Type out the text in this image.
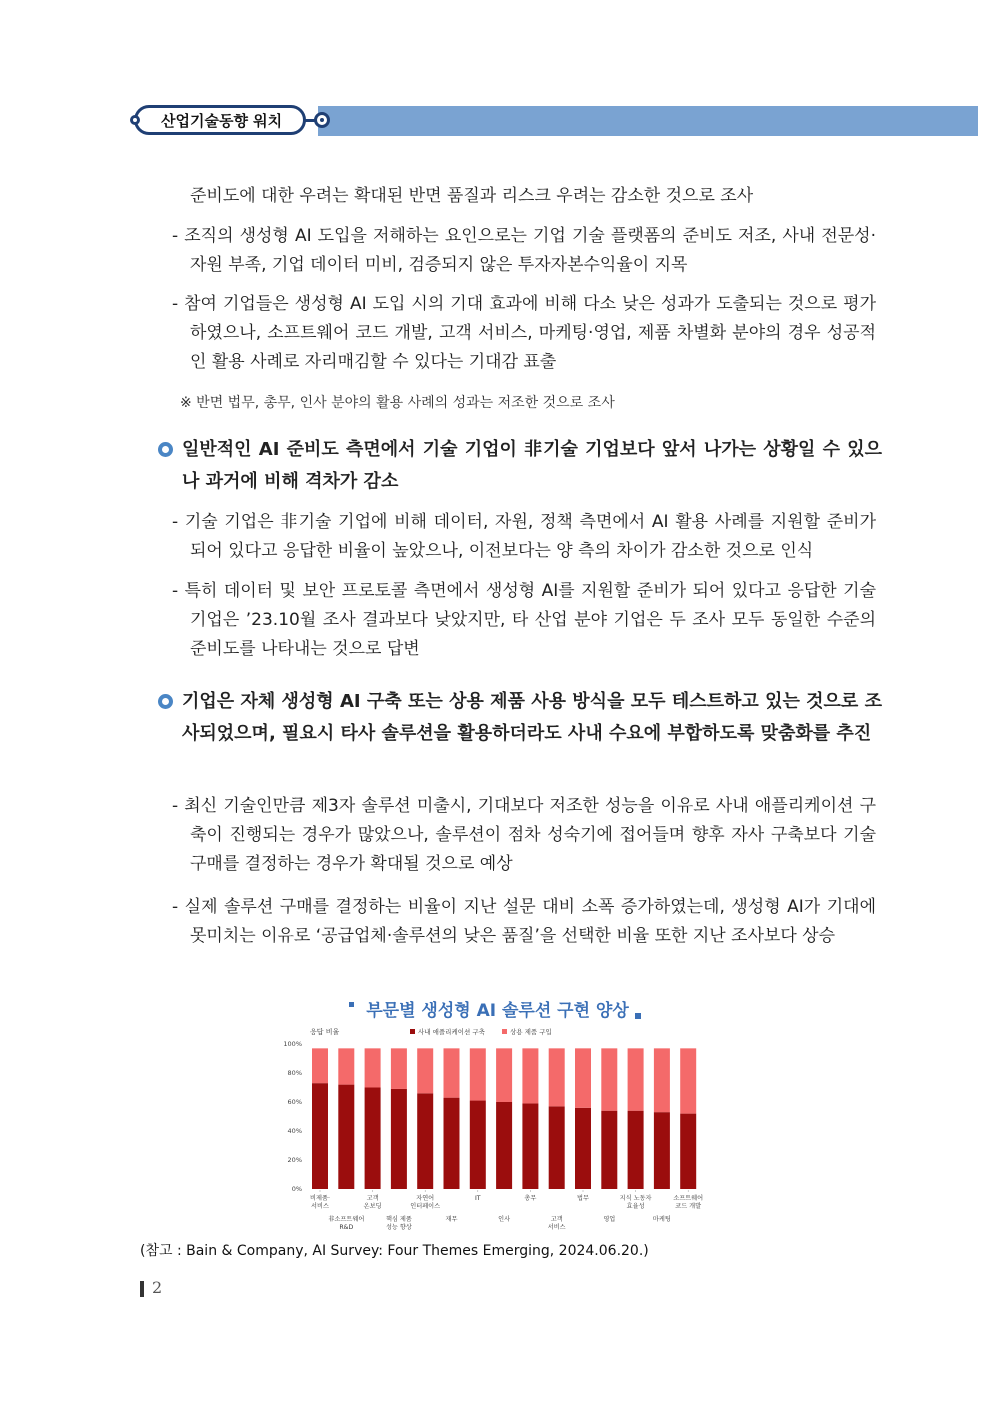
산업기술동향 워치

준비도에 대한 우려는 확대된 반면 품질과 리스크 우려는 감소한 것으로 조사

- 조직의 생성형 AI 도입을 저해하는 요인으로는 기업 기술 플랫폼의 준비도 저조, 사내 전문성·자원 부족, 기업 데이터 미비, 검증되지 않은 투자자본수익율이 지목

- 참여 기업들은 생성형 AI 도입 시의 기대 효과에 비해 다소 낮은 성과가 도출되는 것으로 평가하였으나, 소프트웨어 코드 개발, 고객 서비스, 마케팅·영업, 제품 차별화 분야의 경우 성공적인 활용 사례로 자리매김할 수 있다는 기대감 표출

※ 반면 법무, 총무, 인사 분야의 활용 사례의 성과는 저조한 것으로 조사

일반적인 AI 준비도 측면에서 기술 기업이 非기술 기업보다 앞서 나가는 상황일 수 있으나 과거에 비해 격차가 감소

- 기술 기업은 非기술 기업에 비해 데이터, 자원, 정책 측면에서 AI 활용 사례를 지원할 준비가 되어 있다고 응답한 비율이 높았으나, 이전보다는 양 측의 차이가 감소한 것으로 인식

- 특히 데이터 및 보안 프로토콜 측면에서 생성형 AI를 지원할 준비가 되어 있다고 응답한 기술 기업은 ’23.10월 조사 결과보다 낮았지만, 타 산업 분야 기업은 두 조사 모두 동일한 수준의 준비도를 나타내는 것으로 답변

기업은 자체 생성형 AI 구축 또는 상용 제품 사용 방식을 모두 테스트하고 있는 것으로 조사되었으며, 필요시 타사 솔루션을 활용하더라도 사내 수요에 부합하도록 맞춤화를 추진

- 최신 기술인만큼 제3자 솔루션 미출시, 기대보다 저조한 성능을 이유로 사내 애플리케이션 구축이 진행되는 경우가 많았으나, 솔루션이 점차 성숙기에 접어들며 향후 자사 구축보다 기술 구매를 결정하는 경우가 확대될 것으로 예상

- 실제 솔루션 구매를 결정하는 비율이 지난 설문 대비 소폭 증가하였는데, 생성형 AI가 기대에 못미치는 이유로 ‘공급업체·솔루션의 낮은 품질’을 선택한 비율 또한 지난 조사보다 상승

부문별 생성형 AI 솔루션 구현 양상
응답 비율
0%
20%
40%
60%
80%
100%
사내 애플리케이션 구축	상용 제품 구입
비제품·
서비스
非소프트웨어
R&D
고객
온보딩
핵심 제품
성능 향상
자연어
인터페이스
재무
IT
인사
총무
고객
서비스
법무
영업
지식 노동자
효율성
마케팅
소프트웨어
코드 개발
(참고 : Bain & Company, AI Survey: Four Themes Emerging, 2024.06.20.)
2
